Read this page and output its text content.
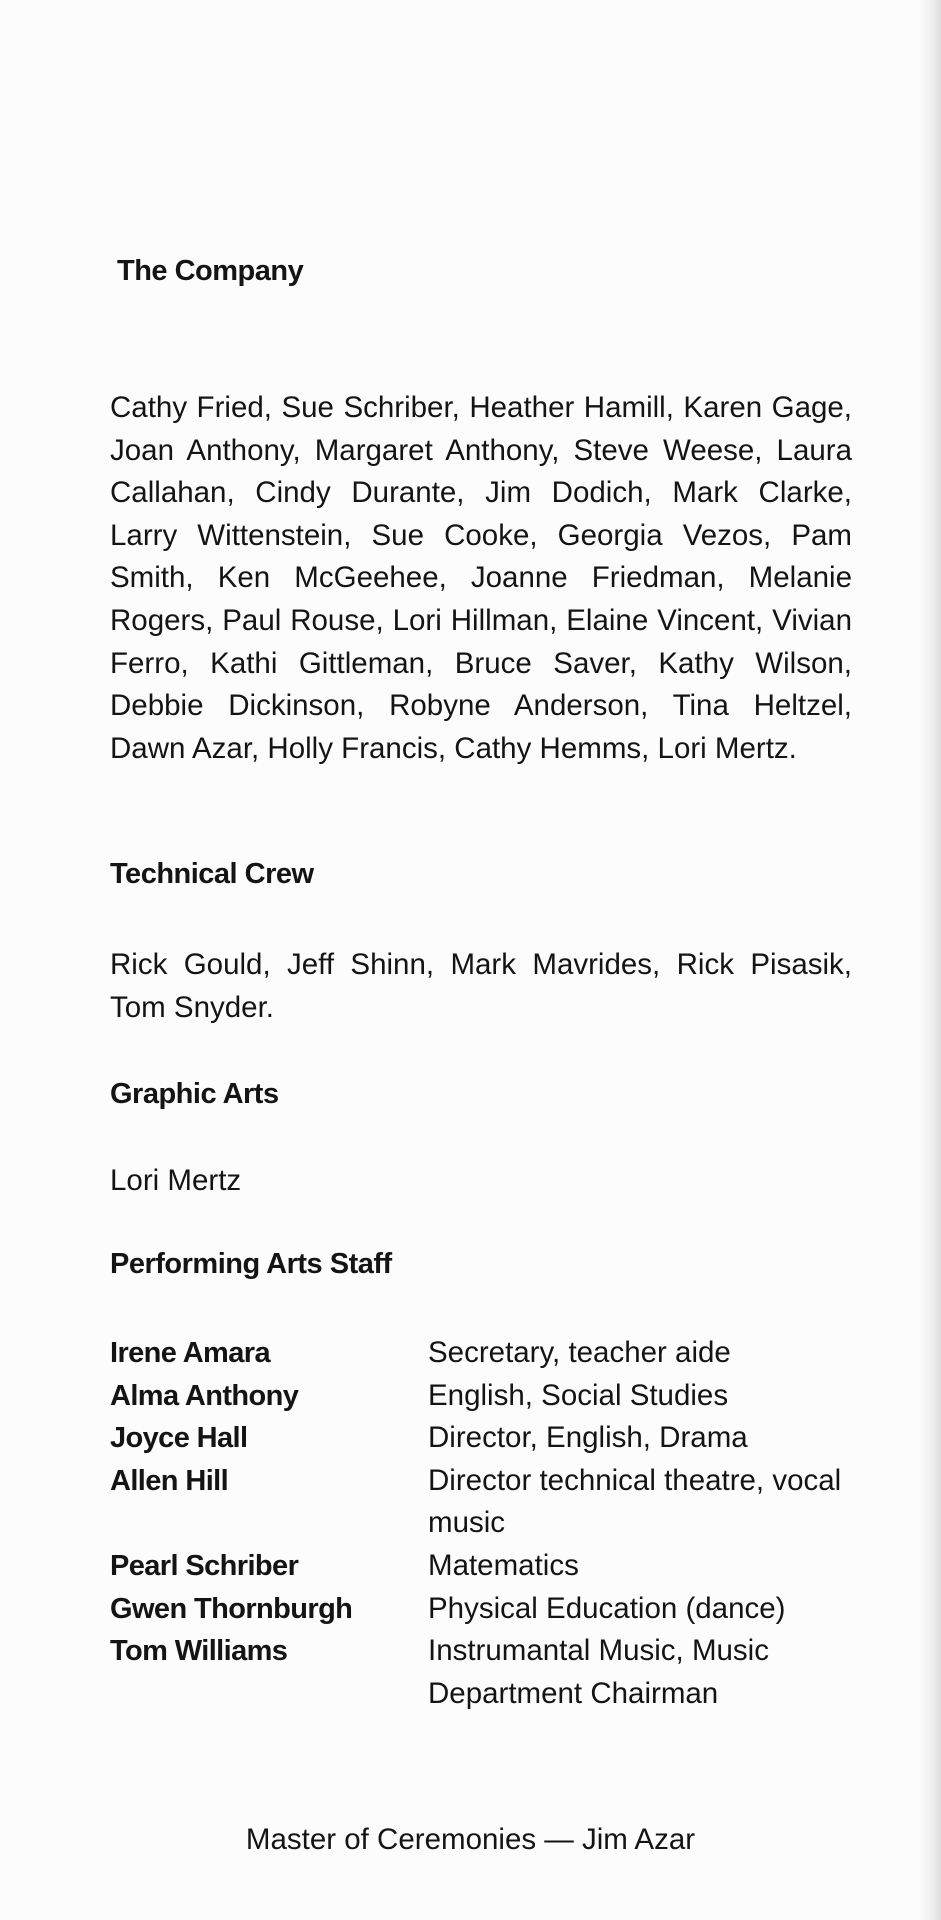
The Company

Cathy Fried, Sue Schriber, Heather Hamill, Karen Gage, Joan Anthony, Margaret Anthony, Steve Weese, Laura Callahan, Cindy Durante, Jim Dodich, Mark Clarke, Larry Wittenstein, Sue Cooke, Georgia Vezos, Pam Smith, Ken McGeehee, Joanne Friedman, Melanie Rogers, Paul Rouse, Lori Hillman, Elaine Vincent, Vivian Ferro, Kathi Gittleman, Bruce Saver, Kathy Wilson, Debbie Dickinson, Robyne Anderson, Tina Heltzel, Dawn Azar, Holly Francis, Cathy Hemms, Lori Mertz.

Technical Crew

Rick Gould, Jeff Shinn, Mark Mavrides, Rick Pisasik, Tom Snyder.

Graphic Arts

Lori Mertz

Performing Arts Staff
Irene Amara	Secretary, teacher aide
Alma Anthony	English, Social Studies
Joyce Hall	Director, English, Drama
Allen Hill	Director technical theatre, vocal music
Pearl Schriber	Matematics
Gwen Thornburgh	Physical Education (dance)
Tom Williams	Instrumantal Music, Music Department Chairman

Master of Ceremonies — Jim Azar
